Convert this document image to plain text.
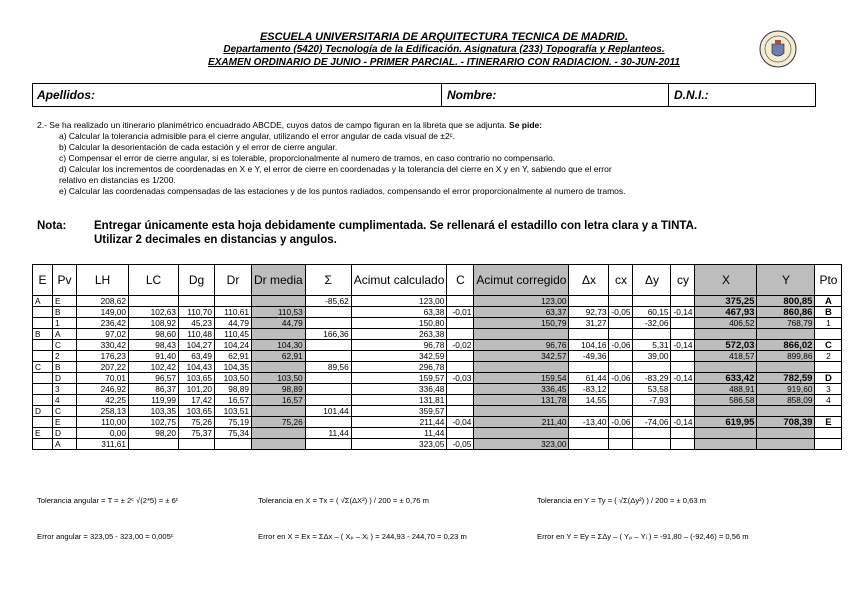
ESCUELA UNIVERSITARIA DE ARQUITECTURA TECNICA DE MADRID.
Departamento (5420) Tecnología de la Edificación. Asignatura (233) Topografía y Replanteos.
EXAMEN ORDINARIO DE JUNIO - PRIMER PARCIAL. - ITINERARIO CON RADIACION. - 30-JUN-2011
Apellidos:	Nombre:	D.N.I.:
2.- Se ha realizado un itinerario planimétrico encuadrado ABCDE, cuyos datos de campo figuran en la libreta que se adjunta. Se pide:
a) Calcular la tolerancia admisible para el cierre angular, utilizando el error angular de cada visual de ±2ᶜ.
b) Calcular la desorientación de cada estación y el error de cierre angular.
c) Compensar el error de cierre angular, si es tolerable, proporcionalmente al numero de tramos, en caso contrario no compensarlo.
d) Calcular los incrementos de coordenadas en X e Y, el error de cierre en coordenadas y la tolerancia del cierre en X y en Y, sabiendo que el error
relativo en distancias es 1/200.
e) Calcular las coordenadas compensadas de las estaciones y de los puntos radiados, compensando el error proporcionalmente al numero de tramos.
Nota: Entregar únicamente esta hoja debidamente cumplimentada. Se rellenará el estadillo con letra clara y a TINTA.
Utilizar 2 decimales en distancias y angulos.
E	Pv	LH	LC	Dg	Dr	Dr media	Σ	Acimut calculado	C	Acimut corregido	Δx	cx	Δy	cy	X	Y	Pto
A	E	208,62					-85,62	123,00		123,00					375,25	800,85	A
	B	149,00	102,63	110,70	110,61	110,53		63,38	-0,01	63,37	92,73	-0,05	60,15	-0,14	467,93	860,86	B
	1	236,42	108,92	45,23	44,79	44,79		150,80		150,79	31,27		-32,06		406,52	768,79	1
B	A	97,02	98,60	110,48	110,45		166,36	263,38									
	C	330,42	98,43	104,27	104,24	104,30		96,78	-0,02	96,76	104,16	-0,06	5,31	-0,14	572,03	866,02	C
	2	176,23	91,40	63,49	62,91	62,91		342,59		342,57	-49,36		39,00		418,57	899,86	2
C	B	207,22	102,42	104,43	104,35		89,56	296,78									
	D	70,01	96,57	103,65	103,50	103,50		159,57	-0,03	159,54	61,44	-0,06	-83,29	-0,14	633,42	782,59	D
	3	246,92	86,37	101,20	98,89	98,89		336,48		336,45	-83,12		53,58		488,91	919,60	3
	4	42,25	119,99	17,42	16,57	16,57		131,81		131,78	14,55		-7,93		586,58	858,09	4
D	C	258,13	103,35	103,65	103,51		101,44	359,57									
	E	110,00	102,75	75,26	75,19	75,26		211,44	-0,04	211,40	-13,40	-0,06	-74,06	-0,14	619,95	708,39	E
E	D	0,00	98,20	75,37	75,34		11,44	11,44									
	A	311,61						323,05	-0,05	323,00							
Tolerancia angular = T = ± 2ᶜ √(2*5) = ± 6ᶜ	Tolerancia en X = Tx = ( √Σ(ΔX²) ) / 200 = ± 0,76 m	Tolerancia en Y = Ty = ( √Σ(Δy²) ) / 200 = ± 0,63 m
Error angular = 323,05 - 323,00 = 0,005ᶜ	Error en X = Ex = ΣΔx – ( Xₚ – Xᵢ ) = 244,93 - 244,70 = 0,23 m	Error en Y = Ey = ΣΔy – ( Yₚ – Yᵢ ) = -91,80 – (-92,46) = 0,56 m
